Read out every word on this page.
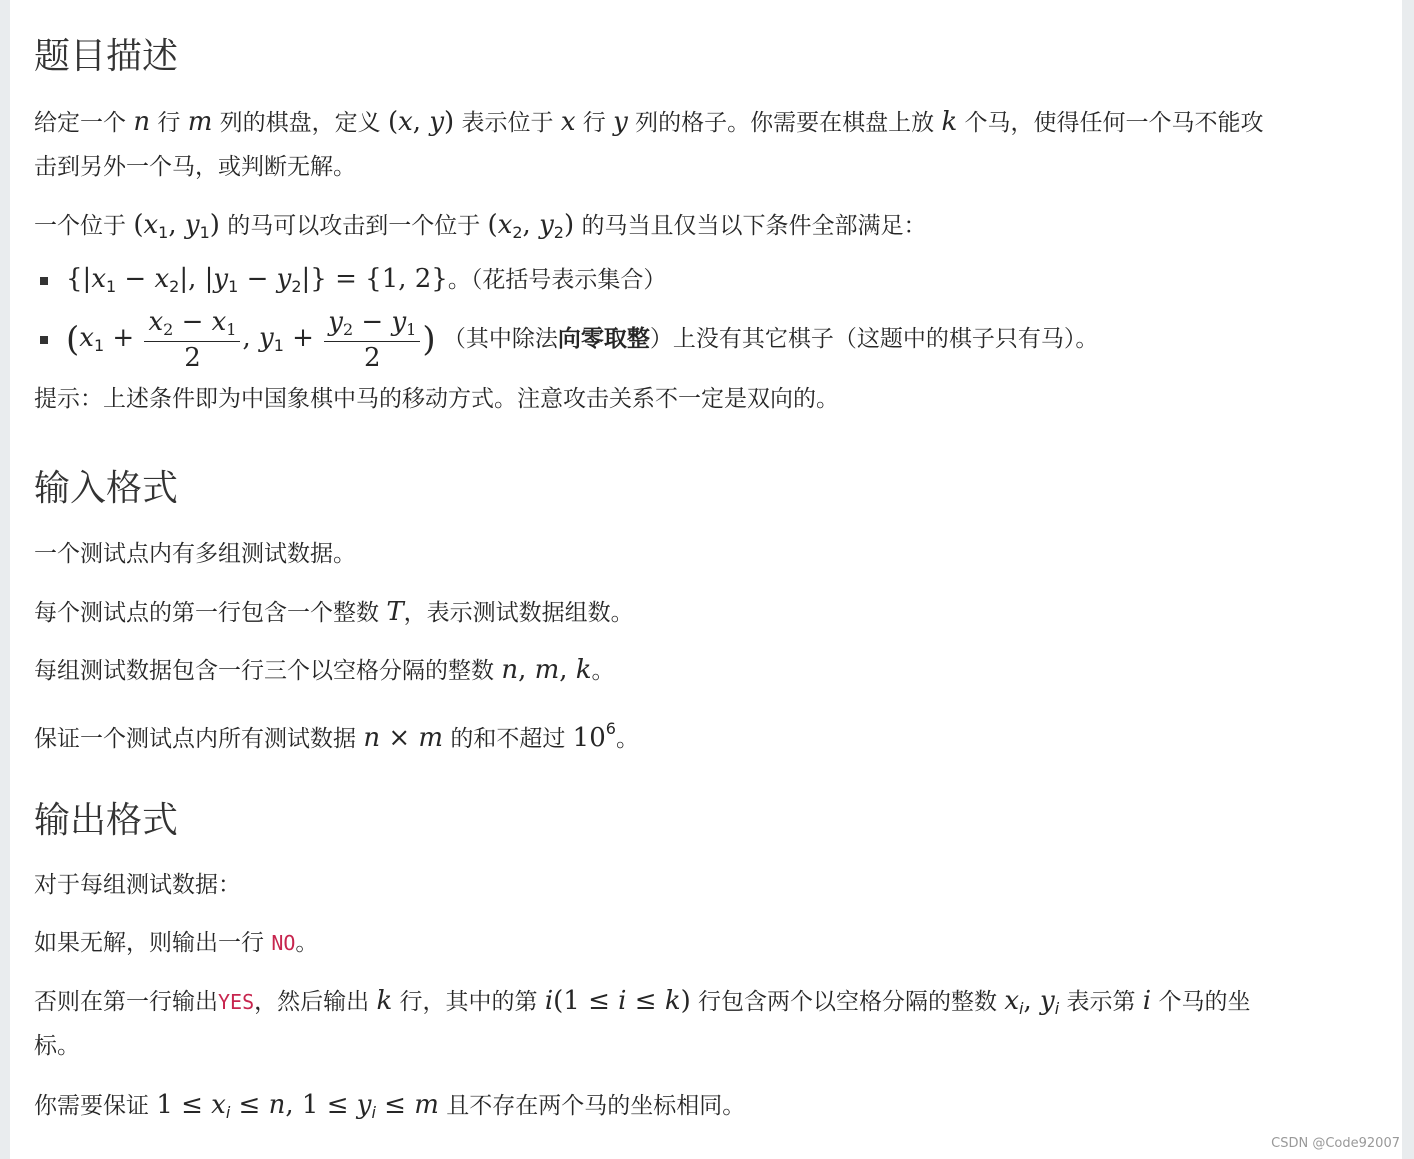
题目描述
给定一个 n 行 m 列的棋盘，定义 (x, y) 表示位于 x 行 y 列的格子。你需要在棋盘上放 k 个马，使得任何一个马不能攻
击到另外一个马，或判断无解。
一个位于 ($x_1$, $y_1$) 的马可以攻击到一个位于 ($x_2$, $y_2$) 的马当且仅当以下条件全部满足：
{$|x_1 - x_2|$, $|y_1 - y_2|\} = \{1$, 2}。（花括号表示集合）
($x_1 + \frac{x_2 - x_1}{2}$ , $y_1 + \frac{y_2 - y_1}{2}$ ) （其中除法向零取整）上没有其它棋子（这题中的棋子只有马）。
提示：上述条件即为中国象棋中马的移动方式。注意攻击关系不一定是双向的。
输入格式
一个测试点内有多组测试数据。
每个测试点的第一行包含一个整数 T，表示测试数据组数。
每组测试数据包含一行三个以空格分隔的整数 n, m, k。
保证一个测试点内所有测试数据 n × m 的和不超过 $10^6$。
输出格式
对于每组测试数据：
如果无解，则输出一行 NO。
否则在第一行输出YES，然后输出 k 行，其中的第 i(1 ≤ i ≤ k) 行包含两个以空格分隔的整数 $x_i$, $y_i$ 表示第 i 个马的坐
标。
你需要保证 $1 \le x_i \le n$, $1 \le y_i \le m$ 且不存在两个马的坐标相同。
CSDN @Code92007
